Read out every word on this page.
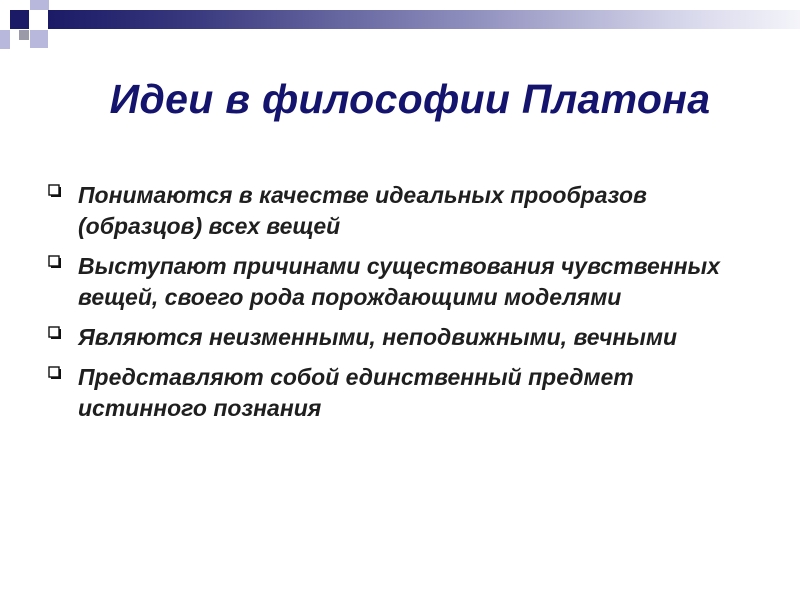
Идеи в философии Платона
Понимаются в качестве идеальных прообразов (образцов) всех вещей
Выступают причинами существования чувственных вещей, своего рода порождающими моделями
Являются неизменными, неподвижными, вечными
Представляют собой единственный предмет истинного познания
